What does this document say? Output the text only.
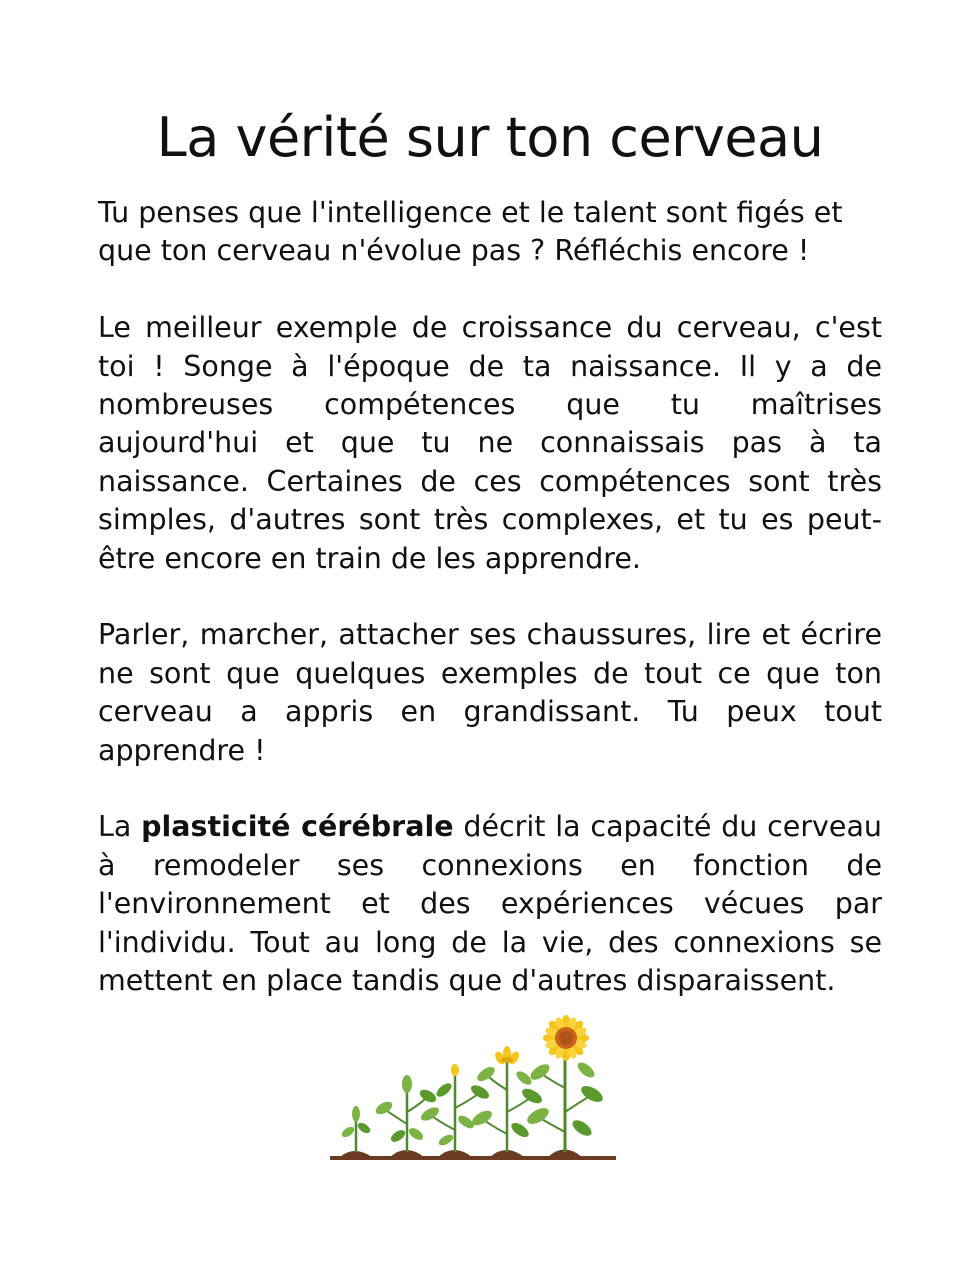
La vérité sur ton cerveau

Tu penses que l'intelligence et le talent sont figés et que ton cerveau n'évolue pas ? Réfléchis encore !

Le meilleur exemple de croissance du cerveau, c'est toi ! Songe à l'époque de ta naissance. Il y a de nombreuses compétences que tu maîtrises aujourd'hui et que tu ne connaissais pas à ta naissance. Certaines de ces compétences sont très simples, d'autres sont très complexes, et tu es peut-être encore en train de les apprendre.

Parler, marcher, attacher ses chaussures, lire et écrire ne sont que quelques exemples de tout ce que ton cerveau a appris en grandissant. Tu peux tout apprendre !

La plasticité cérébrale décrit la capacité du cerveau à remodeler ses connexions en fonction de l'environnement et des expériences vécues par l'individu. Tout au long de la vie, des connexions se mettent en place tandis que d'autres disparaissent.
